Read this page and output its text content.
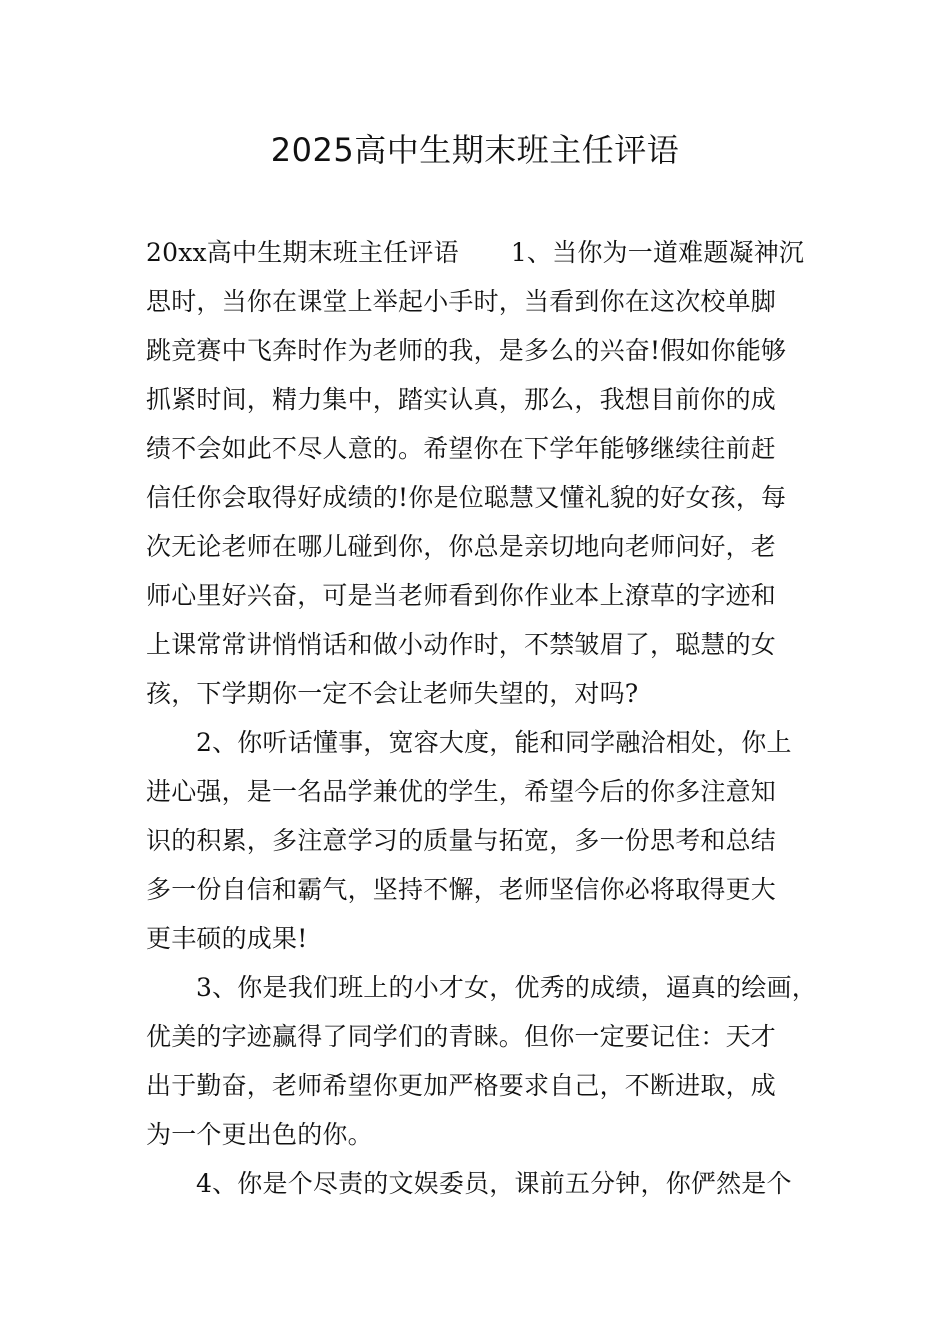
2025高中生期末班主任评语
20xx高中生期末班主任评语 1、当你为一道难题凝神沉
思时，当你在课堂上举起小手时，当看到你在这次校单脚
跳竞赛中飞奔时作为老师的我，是多么的兴奋!假如你能够
抓紧时间，精力集中，踏实认真，那么，我想目前你的成
绩不会如此不尽人意的。希望你在下学年能够继续往前赶
信任你会取得好成绩的!你是位聪慧又懂礼貌的好女孩，每
次无论老师在哪儿碰到你，你总是亲切地向老师问好，老
师心里好兴奋，可是当老师看到你作业本上潦草的字迹和
上课常常讲悄悄话和做小动作时，不禁皱眉了，聪慧的女
孩，下学期你一定不会让老师失望的，对吗?
2、你听话懂事，宽容大度，能和同学融洽相处，你上
进心强，是一名品学兼优的学生，希望今后的你多注意知
识的积累，多注意学习的质量与拓宽，多一份思考和总结
多一份自信和霸气，坚持不懈，老师坚信你必将取得更大
更丰硕的成果!
3、你是我们班上的小才女，优秀的成绩，逼真的绘画，
优美的字迹赢得了同学们的青睐。但你一定要记住：天才
出于勤奋，老师希望你更加严格要求自己，不断进取，成
为一个更出色的你。
4、你是个尽责的文娱委员，课前五分钟，你俨然是个
